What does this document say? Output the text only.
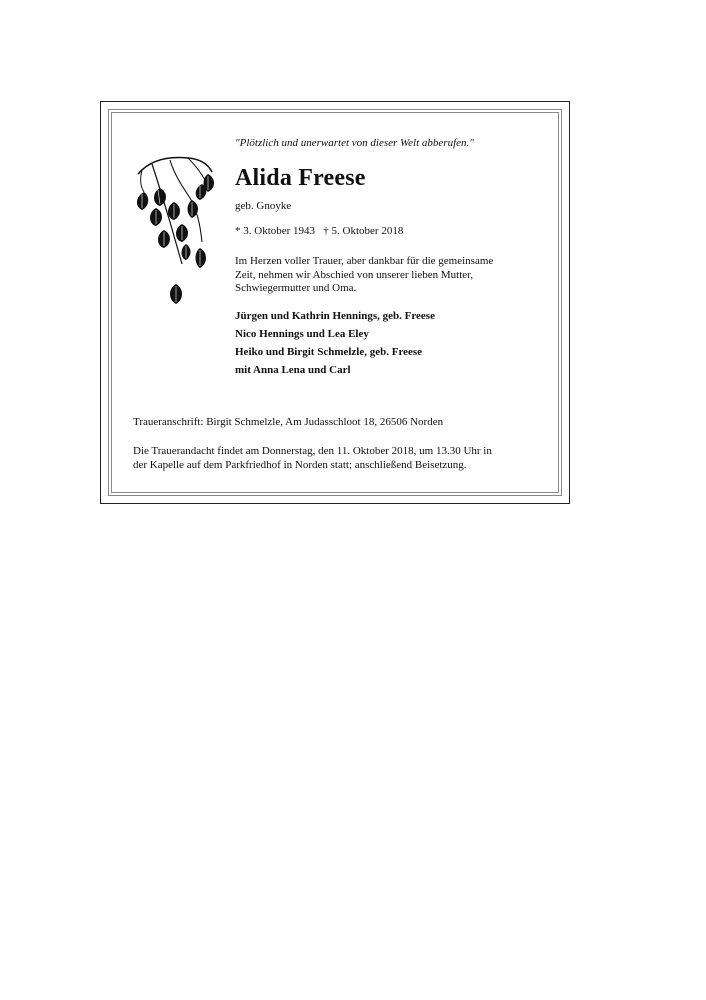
"Plötzlich und unerwartet von dieser Welt abberufen."

Alida Freese

geb. Gnoyke

* 3. Oktober 1943   † 5. Oktober 2018

Im Herzen voller Trauer, aber dankbar für die gemeinsame
Zeit, nehmen wir Abschied von unserer lieben Mutter,
Schwiegermutter und Oma.

Jürgen und Kathrin Hennings, geb. Freese
Nico Hennings und Lea Eley
Heiko und Birgit Schmelzle, geb. Freese
mit Anna Lena und Carl

Traueranschrift: Birgit Schmelzle, Am Judasschloot 18, 26506 Norden

Die Trauerandacht findet am Donnerstag, den 11. Oktober 2018, um 13.30 Uhr in
der Kapelle auf dem Parkfriedhof in Norden statt; anschließend Beisetzung.
